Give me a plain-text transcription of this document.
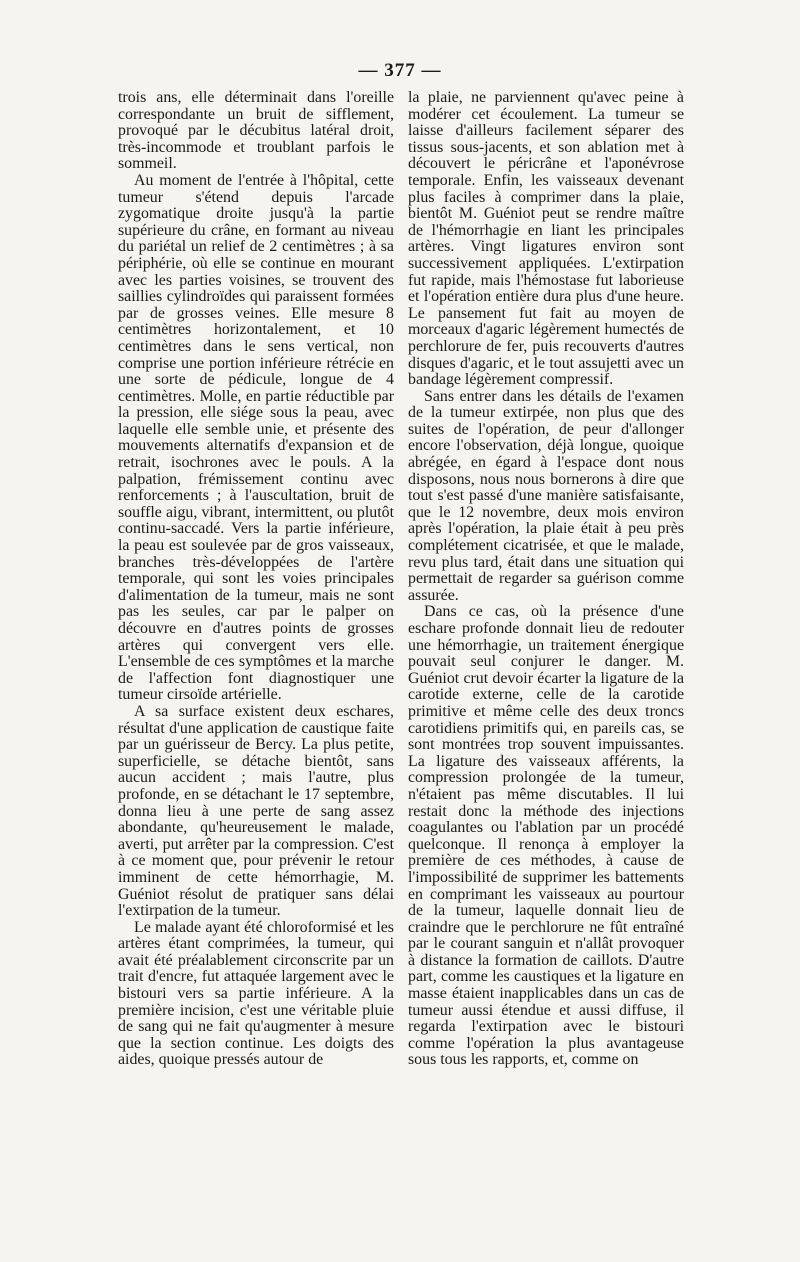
— 377 —

trois ans, elle déterminait dans l'oreille correspondante un bruit de sifflement, provoqué par le décubitus latéral droit, très-incommode et troublant parfois le sommeil.

Au moment de l'entrée à l'hôpital, cette tumeur s'étend depuis l'arcade zygomatique droite jusqu'à la partie supérieure du crâne, en formant au niveau du pariétal un relief de 2 centimètres ; à sa périphérie, où elle se continue en mourant avec les parties voisines, se trouvent des saillies cylindroïdes qui paraissent formées par de grosses veines. Elle mesure 8 centimètres horizontalement, et 10 centimètres dans le sens vertical, non comprise une portion inférieure rétrécie en une sorte de pédicule, longue de 4 centimètres. Molle, en partie réductible par la pression, elle siége sous la peau, avec laquelle elle semble unie, et présente des mouvements alternatifs d'expansion et de retrait, isochrones avec le pouls. A la palpation, frémissement continu avec renforcements ; à l'auscultation, bruit de souffle aigu, vibrant, intermittent, ou plutôt continu-saccadé. Vers la partie inférieure, la peau est soulevée par de gros vaisseaux, branches très-développées de l'artère temporale, qui sont les voies principales d'alimentation de la tumeur, mais ne sont pas les seules, car par le palper on découvre en d'autres points de grosses artères qui convergent vers elle. L'ensemble de ces symptômes et la marche de l'affection font diagnostiquer une tumeur cirsoïde artérielle.

A sa surface existent deux eschares, résultat d'une application de caustique faite par un guérisseur de Bercy. La plus petite, superficielle, se détache bientôt, sans aucun accident ; mais l'autre, plus profonde, en se détachant le 17 septembre, donna lieu à une perte de sang assez abondante, qu'heureusement le malade, averti, put arrêter par la compression. C'est à ce moment que, pour prévenir le retour imminent de cette hémorrhagie, M. Guéniot résolut de pratiquer sans délai l'extirpation de la tumeur.

Le malade ayant été chloroformisé et les artères étant comprimées, la tumeur, qui avait été préalablement circonscrite par un trait d'encre, fut attaquée largement avec le bistouri vers sa partie inférieure. A la première incision, c'est une véritable pluie de sang qui ne fait qu'augmenter à mesure que la section continue. Les doigts des aides, quoique pressés autour de

la plaie, ne parviennent qu'avec peine à modérer cet écoulement. La tumeur se laisse d'ailleurs facilement séparer des tissus sous-jacents, et son ablation met à découvert le péricrâne et l'aponévrose temporale. Enfin, les vaisseaux devenant plus faciles à comprimer dans la plaie, bientôt M. Guéniot peut se rendre maître de l'hémorrhagie en liant les principales artères. Vingt ligatures environ sont successivement appliquées. L'extirpation fut rapide, mais l'hémostase fut laborieuse et l'opération entière dura plus d'une heure. Le pansement fut fait au moyen de morceaux d'agaric légèrement humectés de perchlorure de fer, puis recouverts d'autres disques d'agaric, et le tout assujetti avec un bandage légèrement compressif.

Sans entrer dans les détails de l'examen de la tumeur extirpée, non plus que des suites de l'opération, de peur d'allonger encore l'observation, déjà longue, quoique abrégée, en égard à l'espace dont nous disposons, nous nous bornerons à dire que tout s'est passé d'une manière satisfaisante, que le 12 novembre, deux mois environ après l'opération, la plaie était à peu près complétement cicatrisée, et que le malade, revu plus tard, était dans une situation qui permettait de regarder sa guérison comme assurée.

Dans ce cas, où la présence d'une eschare profonde donnait lieu de redouter une hémorrhagie, un traitement énergique pouvait seul conjurer le danger. M. Guéniot crut devoir écarter la ligature de la carotide externe, celle de la carotide primitive et même celle des deux troncs carotidiens primitifs qui, en pareils cas, se sont montrées trop souvent impuissantes. La ligature des vaisseaux afférents, la compression prolongée de la tumeur, n'étaient pas même discutables. Il lui restait donc la méthode des injections coagulantes ou l'ablation par un procédé quelconque. Il renonça à employer la première de ces méthodes, à cause de l'impossibilité de supprimer les battements en comprimant les vaisseaux au pourtour de la tumeur, laquelle donnait lieu de craindre que le perchlorure ne fût entraîné par le courant sanguin et n'allât provoquer à distance la formation de caillots. D'autre part, comme les caustiques et la ligature en masse étaient inapplicables dans un cas de tumeur aussi étendue et aussi diffuse, il regarda l'extirpation avec le bistouri comme l'opération la plus avantageuse sous tous les rapports, et, comme on
